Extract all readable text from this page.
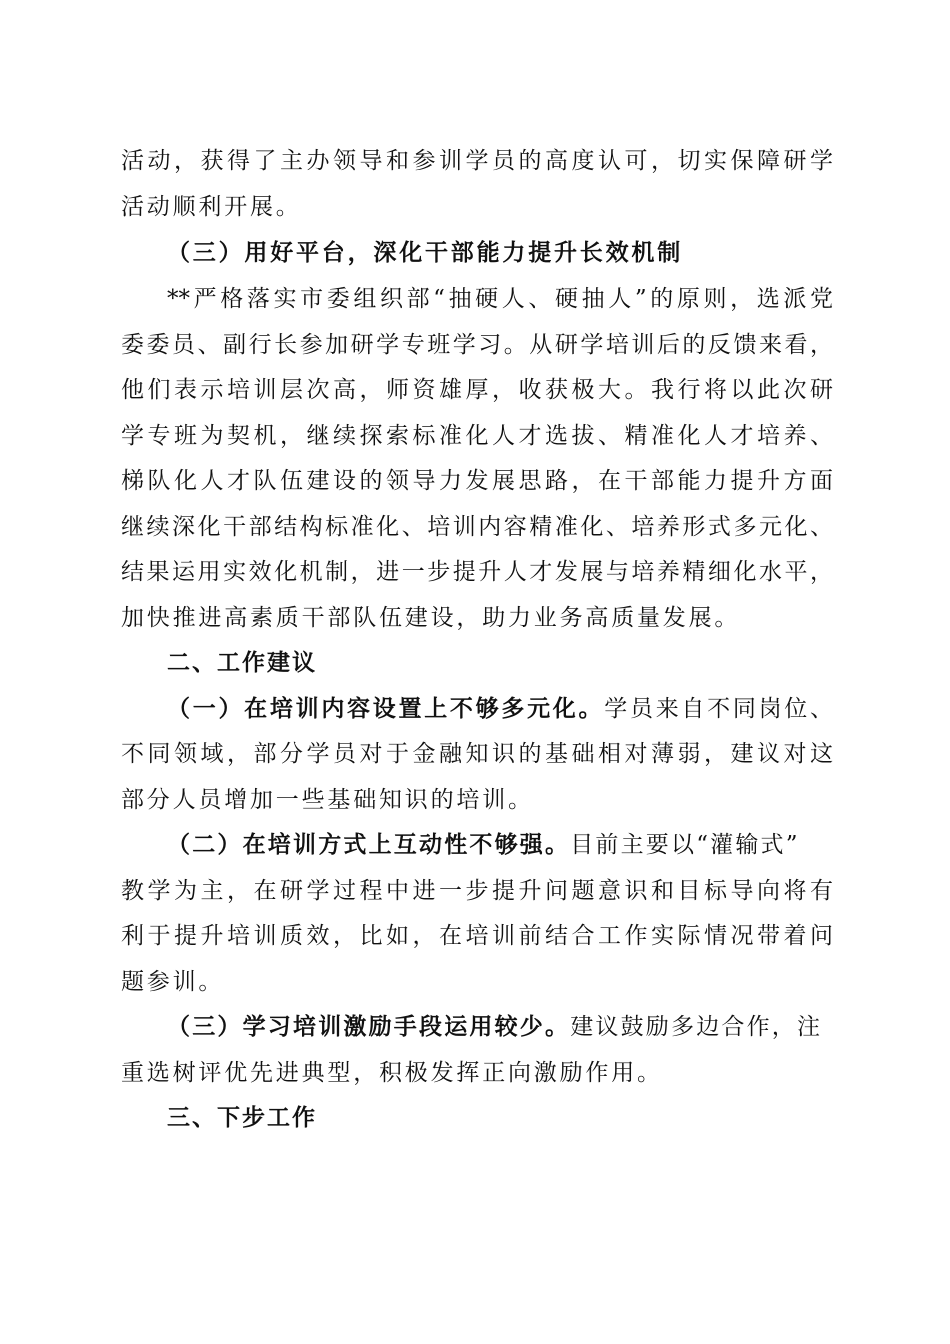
活动，获得了主办领导和参训学员的高度认可，切实保障研学
活动顺利开展。
（三）用好平台，深化干部能力提升长效机制
**严格落实市委组织部“抽硬人、硬抽人”的原则，选派党
委委员、副行长参加研学专班学习。从研学培训后的反馈来看，
他们表示培训层次高，师资雄厚，收获极大。我行将以此次研
学专班为契机，继续探索标准化人才选拔、精准化人才培养、
梯队化人才队伍建设的领导力发展思路，在干部能力提升方面
继续深化干部结构标准化、培训内容精准化、培养形式多元化、
结果运用实效化机制，进一步提升人才发展与培养精细化水平，
加快推进高素质干部队伍建设，助力业务高质量发展。
二、工作建议
（一）在培训内容设置上不够多元化。学员来自不同岗位、
不同领域，部分学员对于金融知识的基础相对薄弱，建议对这
部分人员增加一些基础知识的培训。
（二）在培训方式上互动性不够强。目前主要以“灌输式”
教学为主，在研学过程中进一步提升问题意识和目标导向将有
利于提升培训质效，比如，在培训前结合工作实际情况带着问
题参训。
（三）学习培训激励手段运用较少。建议鼓励多边合作，注
重选树评优先进典型，积极发挥正向激励作用。
三、下步工作
